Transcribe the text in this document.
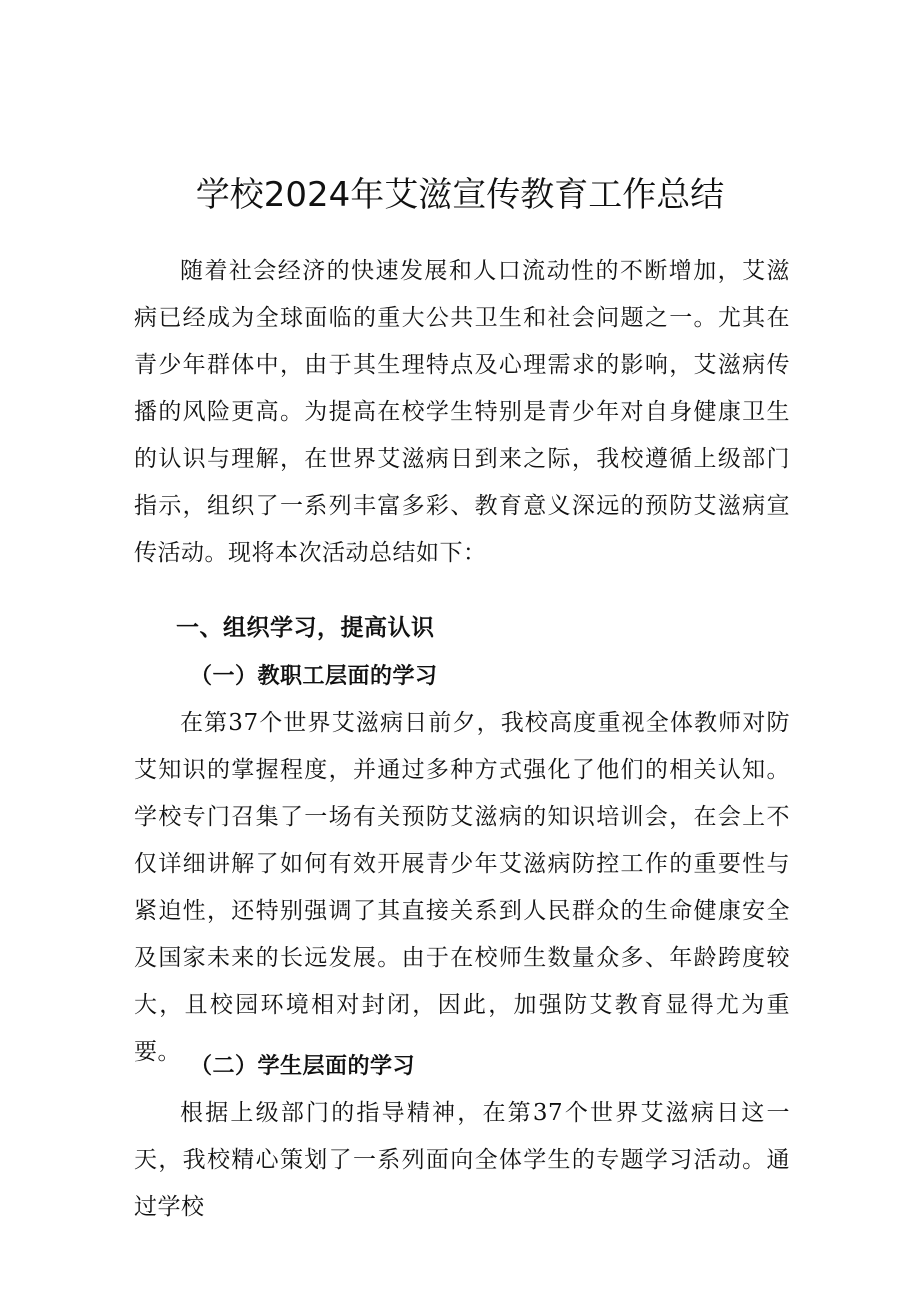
学校2024年艾滋宣传教育工作总结

随着社会经济的快速发展和人口流动性的不断增加，艾滋病已经成为全球面临的重大公共卫生和社会问题之一。尤其在青少年群体中，由于其生理特点及心理需求的影响，艾滋病传播的风险更高。为提高在校学生特别是青少年对自身健康卫生的认识与理解，在世界艾滋病日到来之际，我校遵循上级部门指示，组织了一系列丰富多彩、教育意义深远的预防艾滋病宣传活动。现将本次活动总结如下：

一、组织学习，提高认识
（一）教职工层面的学习

在第37个世界艾滋病日前夕，我校高度重视全体教师对防艾知识的掌握程度，并通过多种方式强化了他们的相关认知。学校专门召集了一场有关预防艾滋病的知识培训会，在会上不仅详细讲解了如何有效开展青少年艾滋病防控工作的重要性与紧迫性，还特别强调了其直接关系到人民群众的生命健康安全及国家未来的长远发展。由于在校师生数量众多、年龄跨度较大，且校园环境相对封闭，因此，加强防艾教育显得尤为重要。

（二）学生层面的学习

根据上级部门的指导精神，在第37个世界艾滋病日这一天，我校精心策划了一系列面向全体学生的专题学习活动。通过学校
